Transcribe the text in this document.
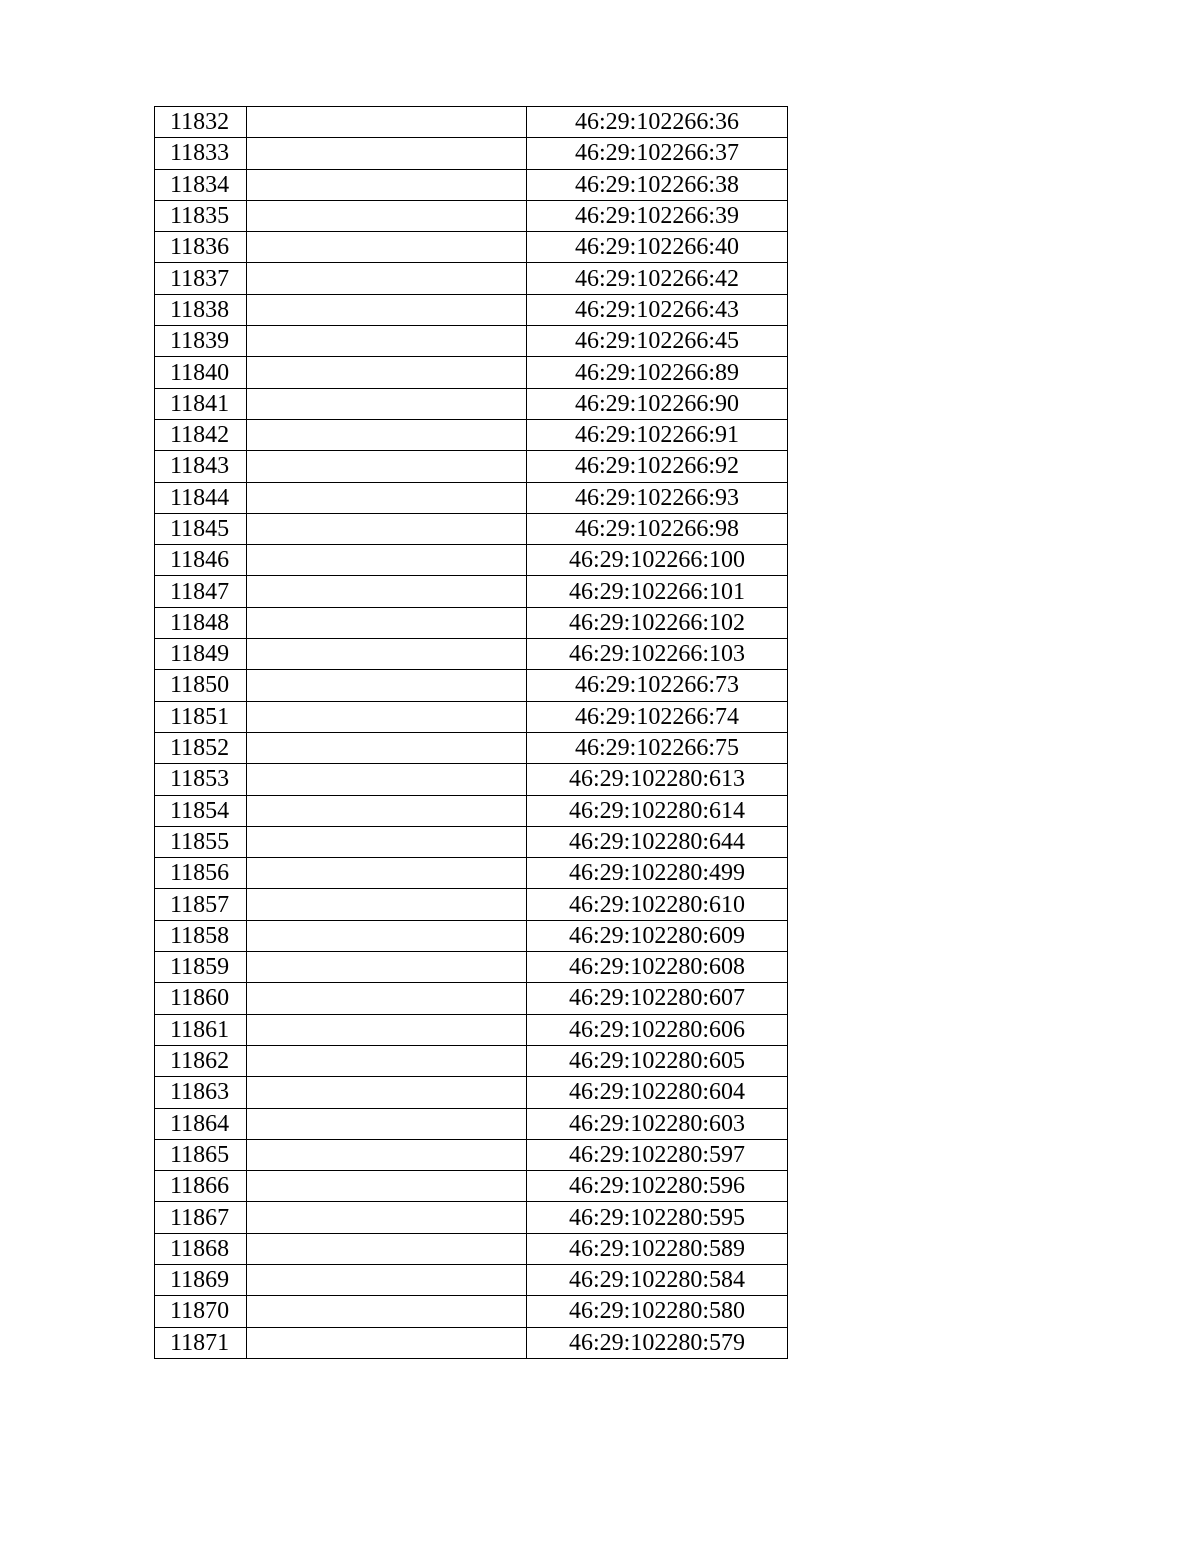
11832		46:29:102266:36
11833		46:29:102266:37
11834		46:29:102266:38
11835		46:29:102266:39
11836		46:29:102266:40
11837		46:29:102266:42
11838		46:29:102266:43
11839		46:29:102266:45
11840		46:29:102266:89
11841		46:29:102266:90
11842		46:29:102266:91
11843		46:29:102266:92
11844		46:29:102266:93
11845		46:29:102266:98
11846		46:29:102266:100
11847		46:29:102266:101
11848		46:29:102266:102
11849		46:29:102266:103
11850		46:29:102266:73
11851		46:29:102266:74
11852		46:29:102266:75
11853		46:29:102280:613
11854		46:29:102280:614
11855		46:29:102280:644
11856		46:29:102280:499
11857		46:29:102280:610
11858		46:29:102280:609
11859		46:29:102280:608
11860		46:29:102280:607
11861		46:29:102280:606
11862		46:29:102280:605
11863		46:29:102280:604
11864		46:29:102280:603
11865		46:29:102280:597
11866		46:29:102280:596
11867		46:29:102280:595
11868		46:29:102280:589
11869		46:29:102280:584
11870		46:29:102280:580
11871		46:29:102280:579
